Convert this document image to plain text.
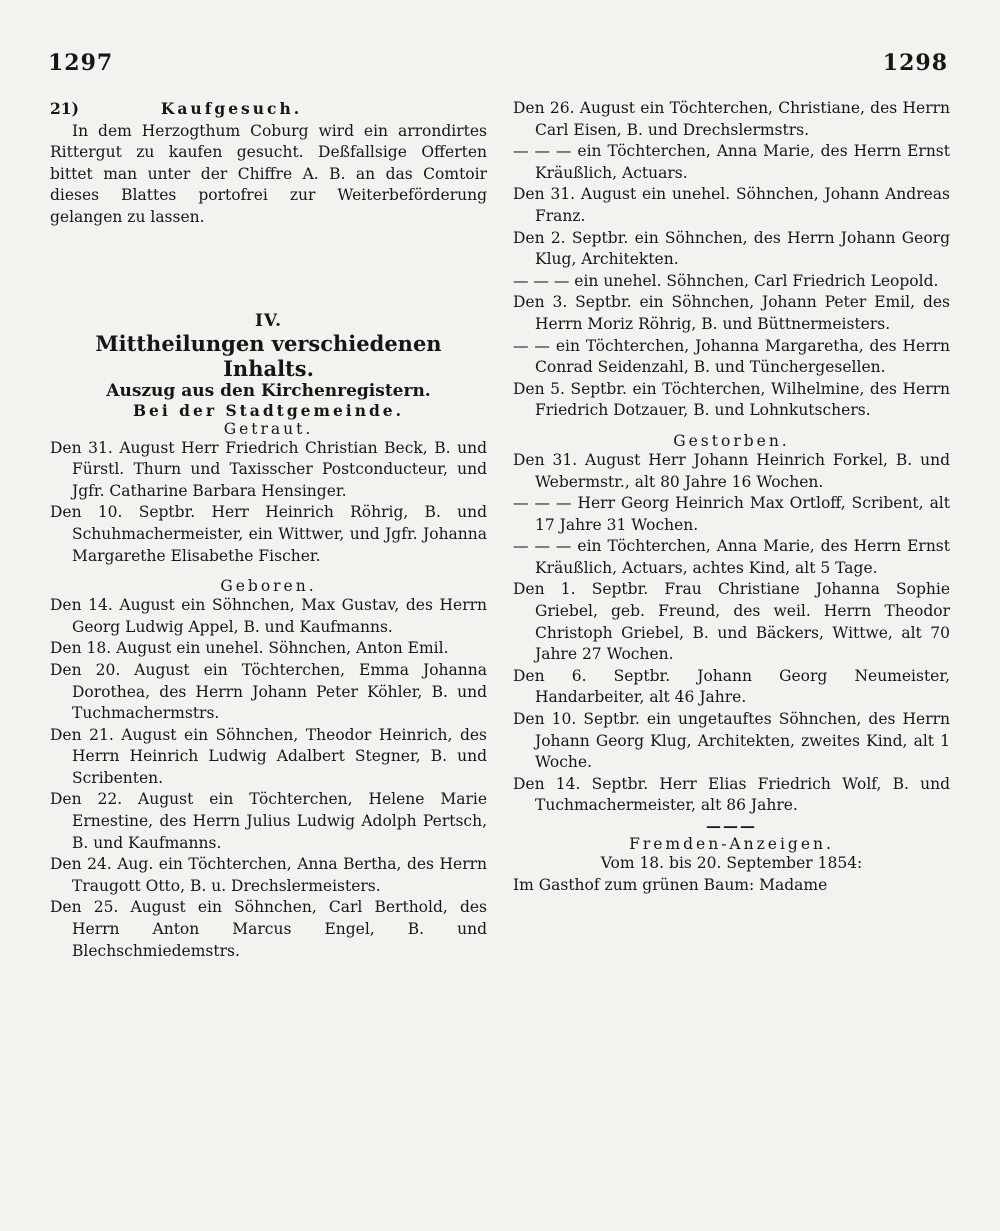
1297	1298

21)	Kaufgesuch.

In dem Herzogthum Coburg wird ein arrondirtes Rittergut zu kaufen gesucht. Deßfallsige Offerten bittet man unter der Chiffre A. B. an das Comtoir dieses Blattes portofrei zur Weiterbeförderung gelangen zu lassen.

IV.

Mittheilungen verschiedenen Inhalts.

Auszug aus den Kirchenregistern.

Bei der Stadtgemeinde.

Getraut.

Den 31. August Herr Friedrich Christian Beck, B. und Fürstl. Thurn und Taxisscher Postconducteur, und Jgfr. Catharine Barbara Hensinger.

Den 10. Septbr. Herr Heinrich Röhrig, B. und Schuhmachermeister, ein Wittwer, und Jgfr. Johanna Margarethe Elisabethe Fischer.

Geboren.

Den 14. August ein Söhnchen, Max Gustav, des Herrn Georg Ludwig Appel, B. und Kaufmanns.

Den 18. August ein unehel. Söhnchen, Anton Emil.

Den 20. August ein Töchterchen, Emma Johanna Dorothea, des Herrn Johann Peter Köhler, B. und Tuchmachermstrs.

Den 21. August ein Söhnchen, Theodor Heinrich, des Herrn Heinrich Ludwig Adalbert Stegner, B. und Scribenten.

Den 22. August ein Töchterchen, Helene Marie Ernestine, des Herrn Julius Ludwig Adolph Pertsch, B. und Kaufmanns.

Den 24. Aug. ein Töchterchen, Anna Bertha, des Herrn Traugott Otto, B. u. Drechslermeisters.

Den 25. August ein Söhnchen, Carl Berthold, des Herrn Anton Marcus Engel, B. und Blechschmiedemstrs.

Den 26. August ein Töchterchen, Christiane, des Herrn Carl Eisen, B. und Drechslermstrs.

— — — ein Töchterchen, Anna Marie, des Herrn Ernst Kräußlich, Actuars.

Den 31. August ein unehel. Söhnchen, Johann Andreas Franz.

Den 2. Septbr. ein Söhnchen, des Herrn Johann Georg Klug, Architekten.

— — — ein unehel. Söhnchen, Carl Friedrich Leopold.

Den 3. Septbr. ein Söhnchen, Johann Peter Emil, des Herrn Moriz Röhrig, B. und Büttnermeisters.

— — ein Töchterchen, Johanna Margaretha, des Herrn Conrad Seidenzahl, B. und Tünchergesellen.

Den 5. Septbr. ein Töchterchen, Wilhelmine, des Herrn Friedrich Dotzauer, B. und Lohnkutschers.

Gestorben.

Den 31. August Herr Johann Heinrich Forkel, B. und Webermstr., alt 80 Jahre 16 Wochen.

— — — Herr Georg Heinrich Max Ortloff, Scribent, alt 17 Jahre 31 Wochen.

— — — ein Töchterchen, Anna Marie, des Herrn Ernst Kräußlich, Actuars, achtes Kind, alt 5 Tage.

Den 1. Septbr. Frau Christiane Johanna Sophie Griebel, geb. Freund, des weil. Herrn Theodor Christoph Griebel, B. und Bäckers, Wittwe, alt 70 Jahre 27 Wochen.

Den 6. Septbr. Johann Georg Neumeister, Handarbeiter, alt 46 Jahre.

Den 10. Septbr. ein ungetauftes Söhnchen, des Herrn Johann Georg Klug, Architekten, zweites Kind, alt 1 Woche.

Den 14. Septbr. Herr Elias Friedrich Wolf, B. und Tuchmachermeister, alt 86 Jahre.

———

Fremden-Anzeigen.

Vom 18. bis 20. September 1854:

Im Gasthof zum grünen Baum: Madame
